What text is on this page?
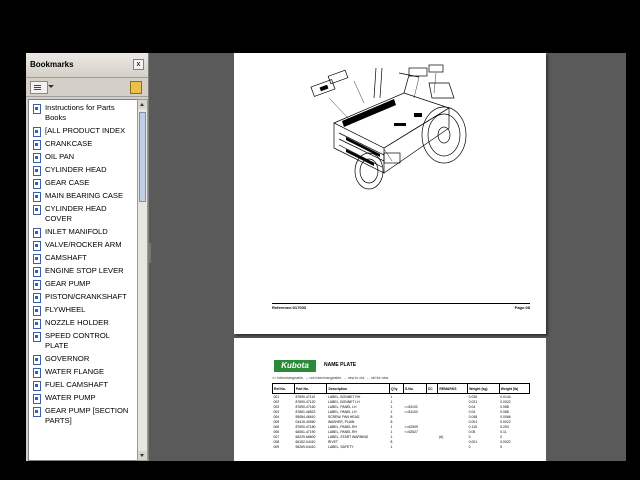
Bookmarks	x
Instructions for Parts Books
[ALL PRODUCT INDEX
CRANKCASE
OIL PAN
CYLINDER HEAD
GEAR CASE
MAIN BEARING CASE
CYLINDER HEAD COVER
INLET MANIFOLD
VALVE/ROCKER ARM
CAMSHAFT
ENGINE STOP LEVER
GEAR PUMP
PISTON/CRANKSHAFT
FLYWHEEL
NOZZLE HOLDER
SPEED CONTROL PLATE
GOVERNOR
WATER FLANGE
FUEL CAMSHAFT
WATER PUMP
GEAR PUMP [SECTION PARTS]
Reference:017003	Page:08
Kubota	NAME PLATE
<> Interchangeable, ↔ not interchangeable, → new to old, ← old for new
Ref.No.	Part No.	Description	Q'ty	S.No.	CC	REMARKS	Weight (kg)	Weight (lb)
001	87690-47110	LABEL, BONNET RH	1				0.026	0.0144
002	87690-47120	LABEL, BONNET LH	1				0.021	0.0022
003	87690-47160	LABEL, PANEL LH	1	<=81102			0.04	0.088
003	87661-46523	LABEL, PANEL LH	1	<=81103			0.04	0.088
004	55084-46610	SCREW, PAN HEAD	8				0.048	0.0066
005	04415-40060	WASHER, PLAIN	8				0.001	0.0022
006	87690-47180	LABEL, PANEL RH	1	<=62509			0.115	0.253
006	66061-47190	LABEL, PANEL RH	1	<=62527			0.05	0.11
007	66229-66600	LABEL, START WARNING	1			(A)	0	0
008	66152-04410	RIVET	8				0.001	0.0022
009	55269-04410	LABEL, SAFETY	1				0	0
